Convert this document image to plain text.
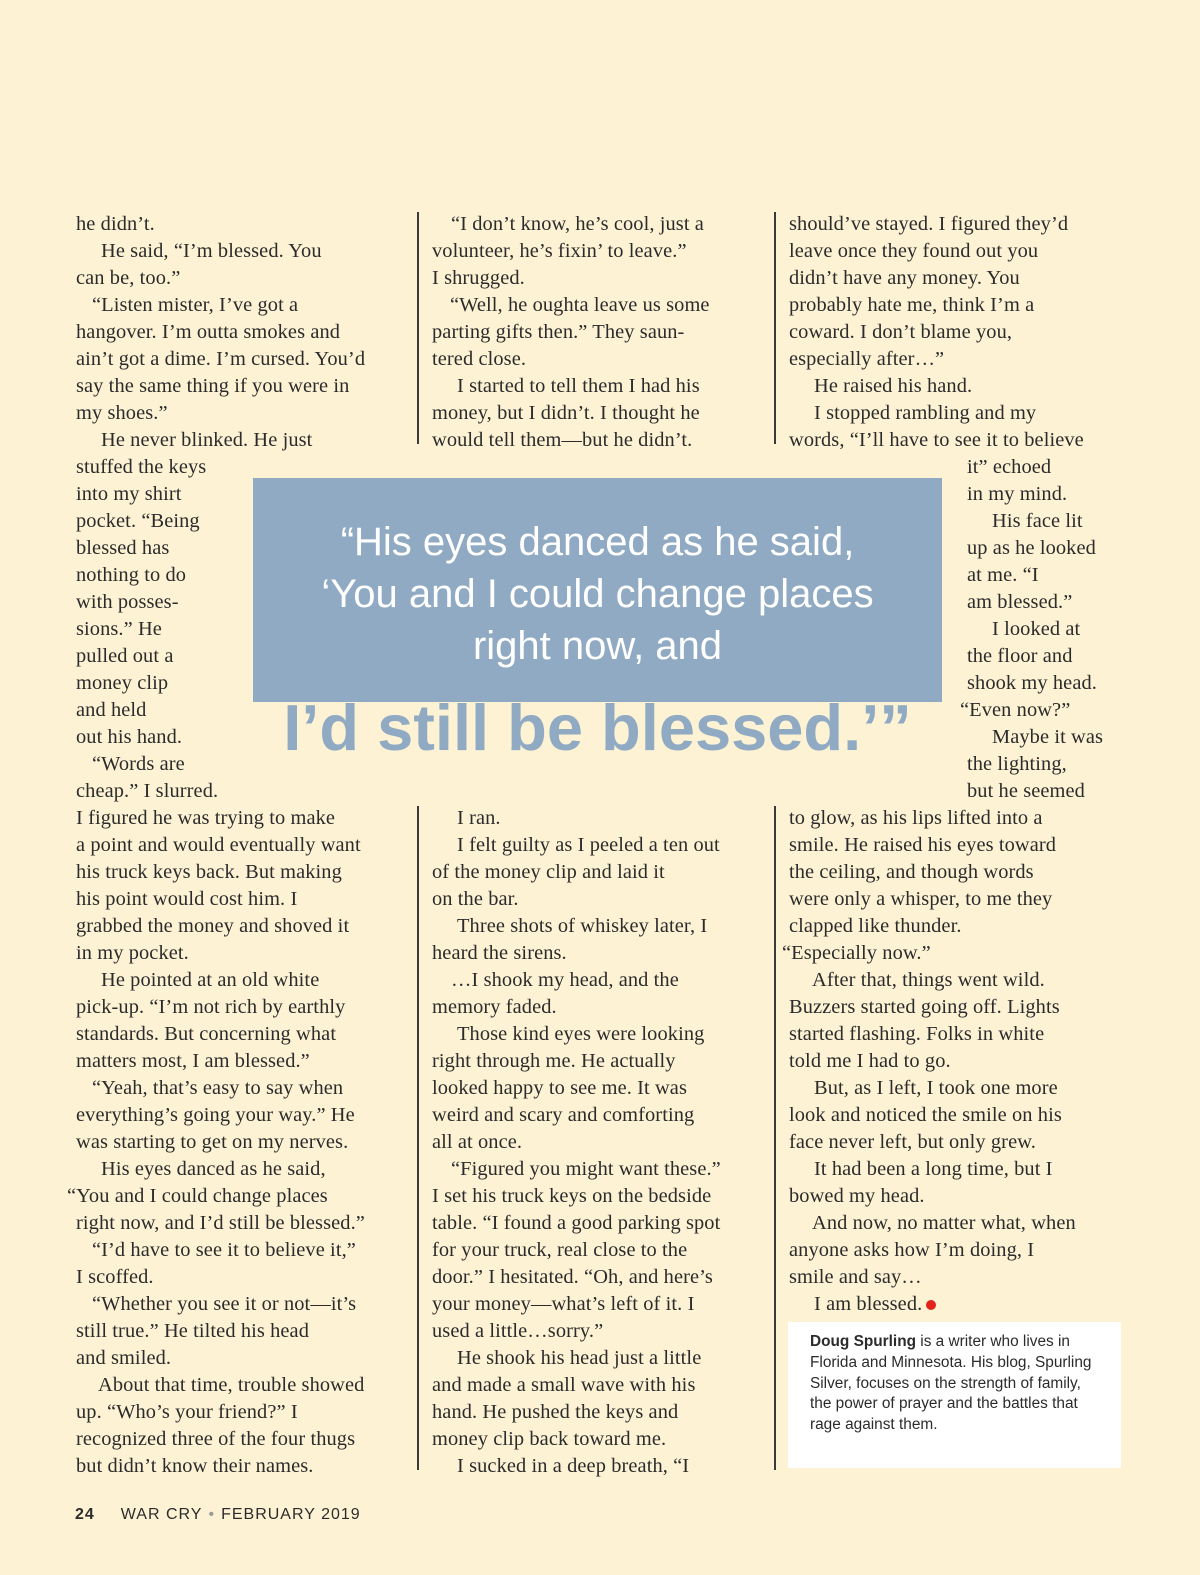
he didn’t.
He said, “I’m blessed. You
can be, too.”
“Listen mister, I’ve got a
hangover. I’m outta smokes and
ain’t got a dime. I’m cursed. You’d
say the same thing if you were in
my shoes.”
He never blinked. He just
stuffed the keys
into my shirt
pocket. “Being
blessed has
nothing to do
with posses-
sions.” He
pulled out a
money clip
and held
out his hand.
“Words are
cheap.” I slurred.
I figured he was trying to make
a point and would eventually want
his truck keys back. But making
his point would cost him. I
grabbed the money and shoved it
in my pocket.
He pointed at an old white
pick-up. “I’m not rich by earthly
standards. But concerning what
matters most, I am blessed.”
“Yeah, that’s easy to say when
everything’s going your way.” He
was starting to get on my nerves.
His eyes danced as he said,
“You and I could change places
right now, and I’d still be blessed.”
“I’d have to see it to believe it,”
I scoffed.
“Whether you see it or not—it’s
still true.” He tilted his head
and smiled.
About that time, trouble showed
up. “Who’s your friend?” I
recognized three of the four thugs
but didn’t know their names.
“I don’t know, he’s cool, just a
volunteer, he’s fixin’ to leave.”
I shrugged.
“Well, he oughta leave us some
parting gifts then.” They saun-
tered close.
I started to tell them I had his
money, but I didn’t. I thought he
would tell them—but he didn’t.
I ran.
I felt guilty as I peeled a ten out
of the money clip and laid it
on the bar.
Three shots of whiskey later, I
heard the sirens.
…I shook my head, and the
memory faded.
Those kind eyes were looking
right through me. He actually
looked happy to see me. It was
weird and scary and comforting
all at once.
“Figured you might want these.”
I set his truck keys on the bedside
table. “I found a good parking spot
for your truck, real close to the
door.” I hesitated. “Oh, and here’s
your money—what’s left of it. I
used a little…sorry.”
He shook his head just a little
and made a small wave with his
hand. He pushed the keys and
money clip back toward me.
I sucked in a deep breath, “I
should’ve stayed. I figured they’d
leave once they found out you
didn’t have any money. You
probably hate me, think I’m a
coward. I don’t blame you,
especially after…”
He raised his hand.
I stopped rambling and my
words, “I’ll have to see it to believe
it” echoed
in my mind.
His face lit
up as he looked
at me. “I
am blessed.”
I looked at
the floor and
shook my head.
“Even now?”
Maybe it was
the lighting,
but he seemed
to glow, as his lips lifted into a
smile. He raised his eyes toward
the ceiling, and though words
were only a whisper, to me they
clapped like thunder.
“Especially now.”
After that, things went wild.
Buzzers started going off. Lights
started flashing. Folks in white
told me I had to go.
But, as I left, I took one more
look and noticed the smile on his
face never left, but only grew.
It had been a long time, but I
bowed my head.
And now, no matter what, when
anyone asks how I’m doing, I
smile and say…
I am blessed.
“His eyes danced as he said,
‘You and I could change places
right now, and
I’d still be blessed.’”
Doug Spurling is a writer who lives in Florida and Minnesota. His blog, Spurling Silver, focuses on the strength of family, the power of prayer and the battles that rage against them.
24 WAR CRY • FEBRUARY 2019
